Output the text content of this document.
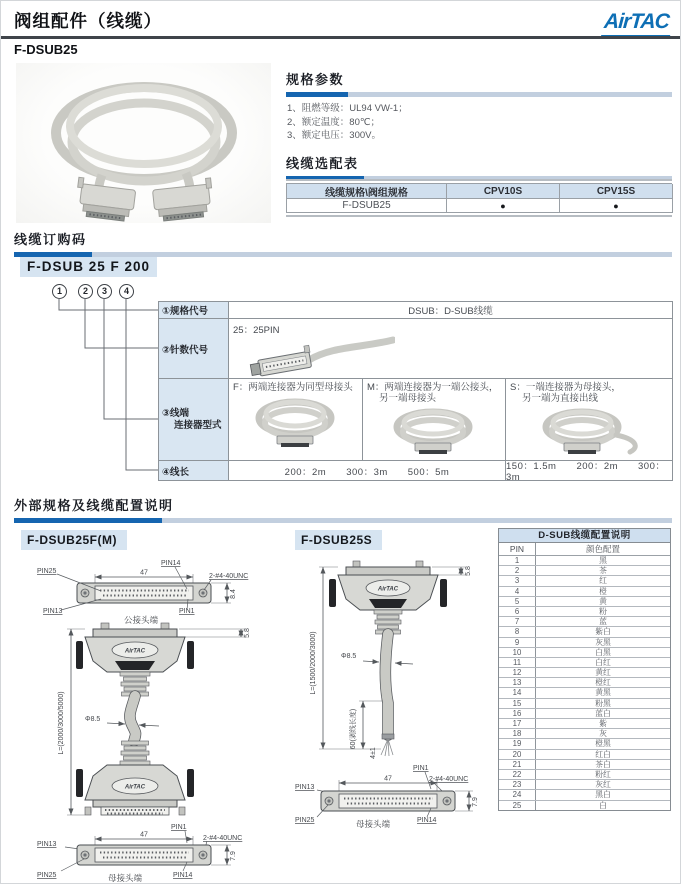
阀组配件（线缆）	AirTAC
F-DSUB25
规格参数
1、阻燃等级：UL94 VW-1；
2、额定温度：80℃；
3、额定电压：300V。
线缆选配表
线缆规格\阀组规格	CPV10S	CPV15S
F-DSUB25	●	●
线缆订购码
F-DSUB 25 F 200
1	2	3	4
①规格代号	DSUB：D-SUB线缆
②针数代号
25：25PIN
③线端
连接器型式
F：两端连接器为同型母接头	M：两端连接器为一端公接头，
另一端母接头
S：一端连接器为母接头，
另一端为直接出线
④线长	200：2m　　300：3m　　500：5m	150：1.5m　　200：2m　　300：3m
外部规格及线缆配置说明
F-DSUB25F(M)	F-DSUB25S
47
PIN25
PIN14
2-#4-40UNC
PIN13	PIN1
8.4
公接头端
5.8
AirTAC
Φ8.5
AirTAC
L=(2000/3000/5000)
PIN1
2-#4-40UNC
47
PIN13
PIN25	PIN14
7.9
母接头端
5.8
AirTAC
Φ8.5
L=(1500/2000/3000)
60(剥线长度)
4±1
PIN1
2-#4-40UNC
47
PIN13
PIN25	PIN14
7.9
母接头端
D-SUB线缆配置说明
PIN	颜色配置
1	黑
2	茶
3	红
4	橙
5	黄
6	粉
7	蓝
8	紫白
9	灰黑
10	白黑
11	白红
12	黄红
13	橙红
14	黄黑
15	粉黑
16	蓝白
17	紫
18	灰
19	橙黑
20	红白
21	茶白
22	粉红
23	灰红
24	黑白
25	白
